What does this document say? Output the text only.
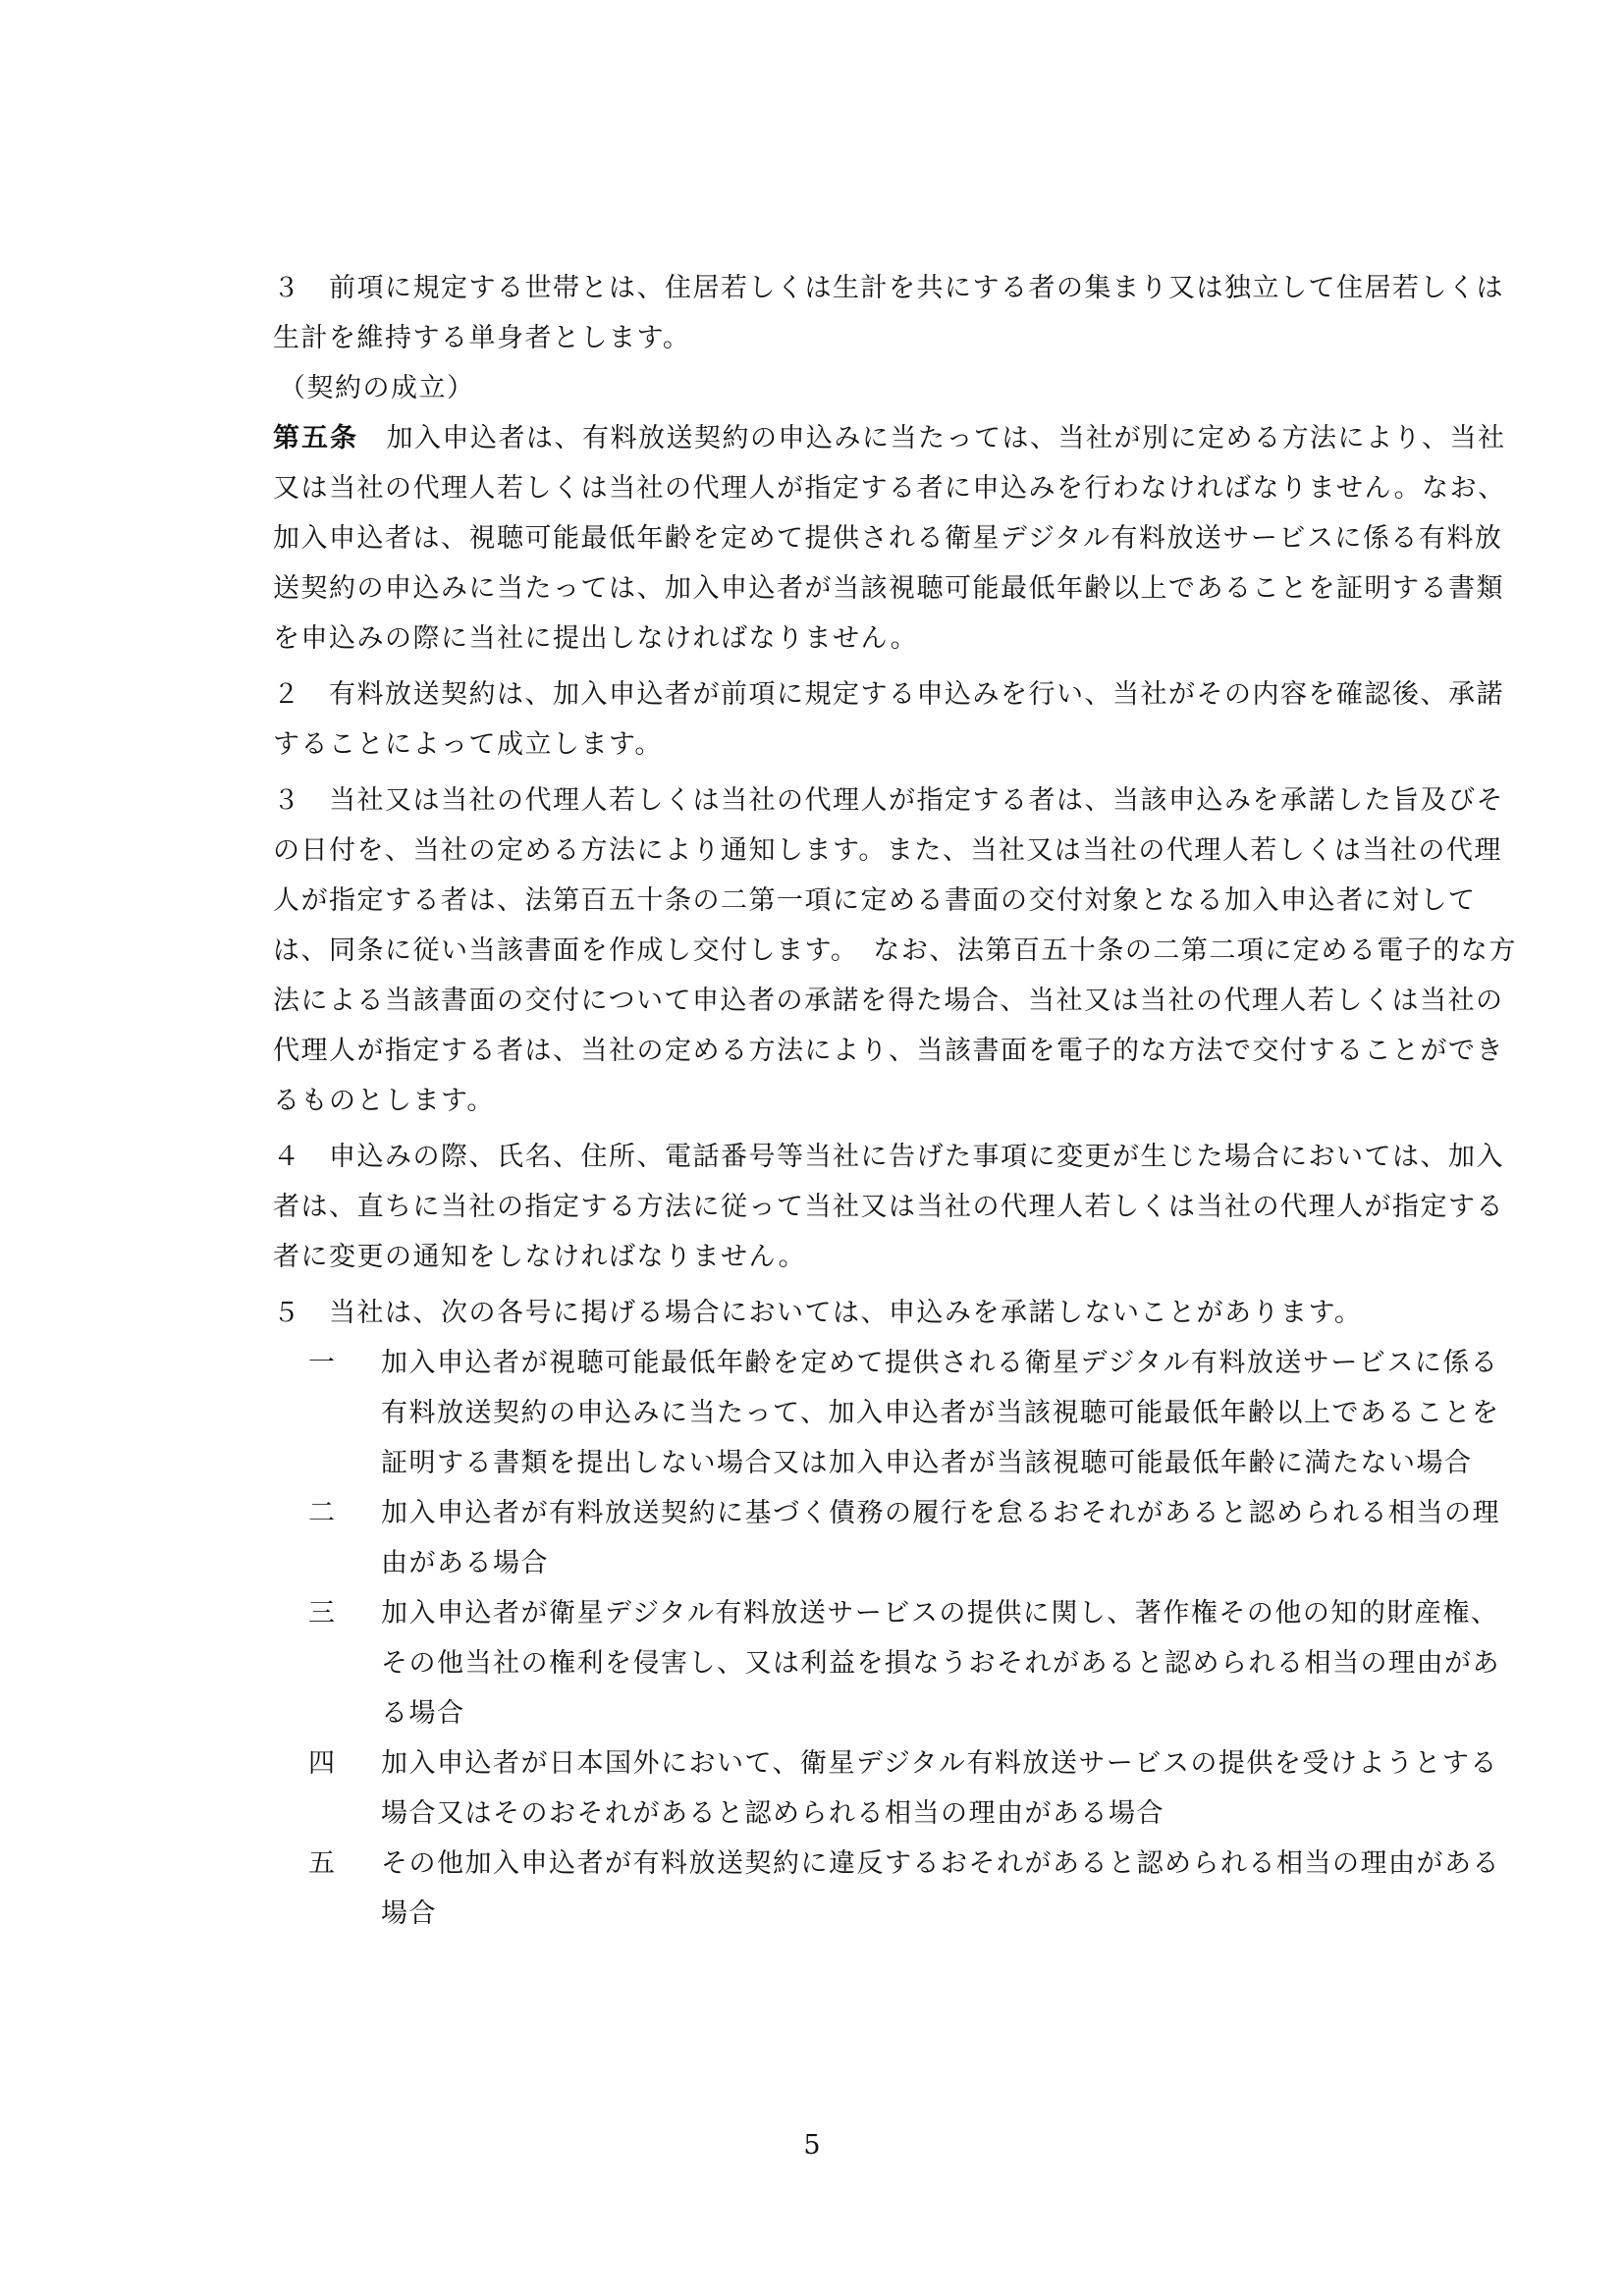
３　 前項に規定する世帯とは、住居若しくは生計を共にする者の集まり又は独立して住居若しくは生計を維持する単身者とします。

（契約の成立）

第五条　 加入申込者は、有料放送契約の申込みに当たっては、当社が別に定める方法により、当社又は当社の代理人若しくは当社の代理人が指定する者に申込みを行わなければなりません。なお、加入申込者は、視聴可能最低年齢を定めて提供される衛星デジタル有料放送サービスに係る有料放送契約の申込みに当たっては、加入申込者が当該視聴可能最低年齢以上であることを証明する書類を申込みの際に当社に提出しなければなりません。

２　 有料放送契約は、加入申込者が前項に規定する申込みを行い、当社がその内容を確認後、承諾することによって成立します。

３　 当社又は当社の代理人若しくは当社の代理人が指定する者は、当該申込みを承諾した旨及びその日付を、当社の定める方法により通知します。また、当社又は当社の代理人若しくは当社の代理人が指定する者は、法第百五十条の二第一項に定める書面の交付対象となる加入申込者に対しては、同条に従い当該書面を作成し交付します。　なお、法第百五十条の二第二項に定める電子的な方法による当該書面の交付について申込者の承諾を得た場合、当社又は当社の代理人若しくは当社の代理人が指定する者は、当社の定める方法により、当該書面を電子的な方法で交付することができるものとします。

４　 申込みの際、氏名、住所、電話番号等当社に告げた事項に変更が生じた場合においては、加入者は、直ちに当社の指定する方法に従って当社又は当社の代理人若しくは当社の代理人が指定する者に変更の通知をしなければなりません。

５　 当社は、次の各号に掲げる場合においては、申込みを承諾しないことがあります。

一	加入申込者が視聴可能最低年齢を定めて提供される衛星デジタル有料放送サービスに係る有料放送契約の申込みに当たって、加入申込者が当該視聴可能最低年齢以上であることを証明する書類を提出しない場合又は加入申込者が当該視聴可能最低年齢に満たない場合
二	加入申込者が有料放送契約に基づく債務の履行を怠るおそれがあると認められる相当の理由がある場合
三	加入申込者が衛星デジタル有料放送サービスの提供に関し、著作権その他の知的財産権、その他当社の権利を侵害し、又は利益を損なうおそれがあると認められる相当の理由がある場合
四	加入申込者が日本国外において、衛星デジタル有料放送サービスの提供を受けようとする場合又はそのおそれがあると認められる相当の理由がある場合
五	その他加入申込者が有料放送契約に違反するおそれがあると認められる相当の理由がある場合
5
